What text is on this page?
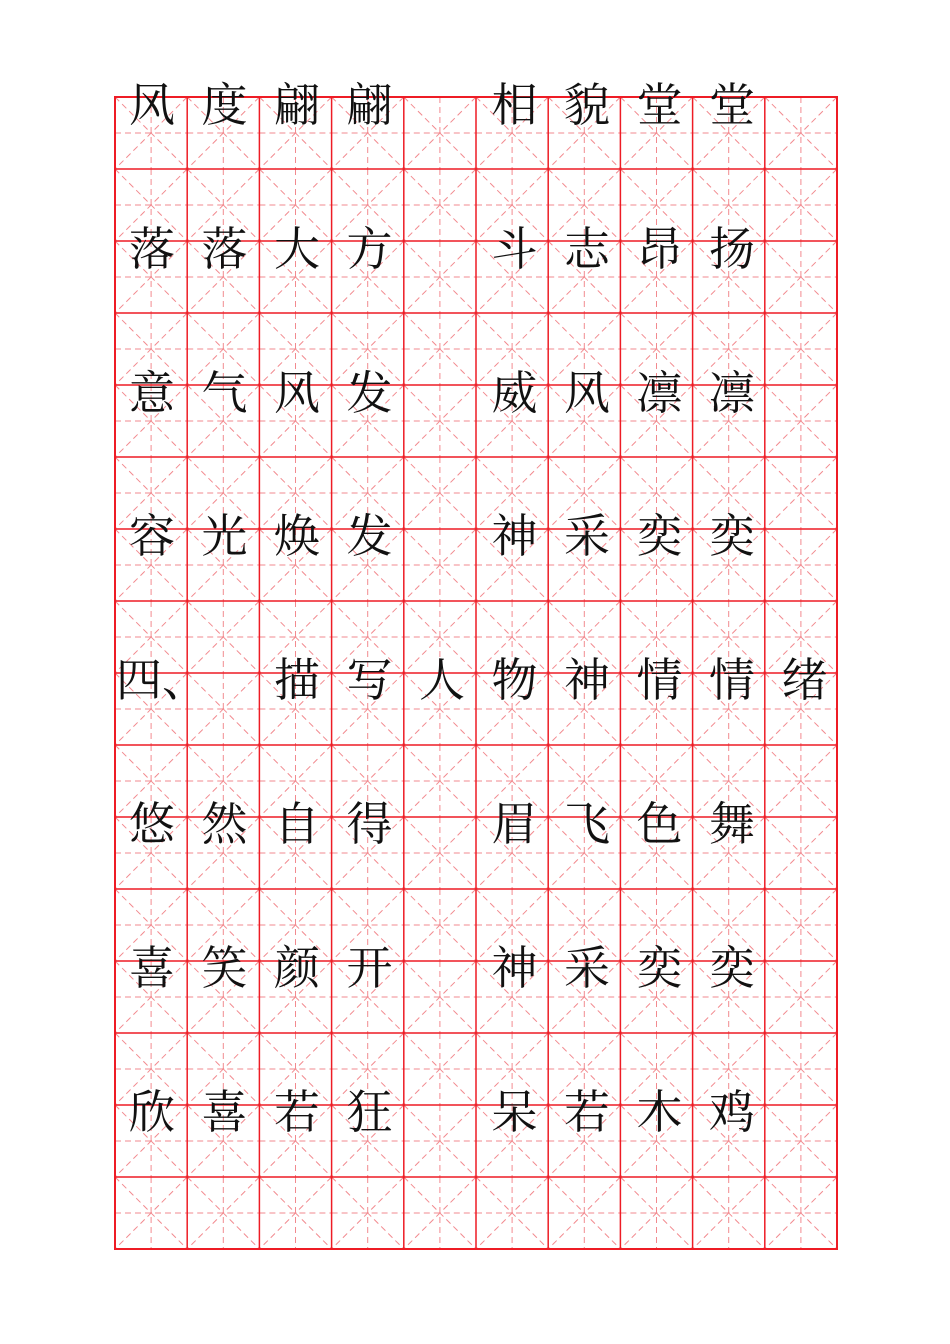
风 度 翩 翩 相 貌 堂 堂
落 落 大 方 斗 志 昂 扬
意 气 风 发 威 风 凛 凛
容 光 焕 发 神 采 奕 奕
四、 描 写 人 物 神 情 情 绪
悠 然 自 得 眉 飞 色 舞
喜 笑 颜 开 神 采 奕 奕
欣 喜 若 狂 呆 若 木 鸡
